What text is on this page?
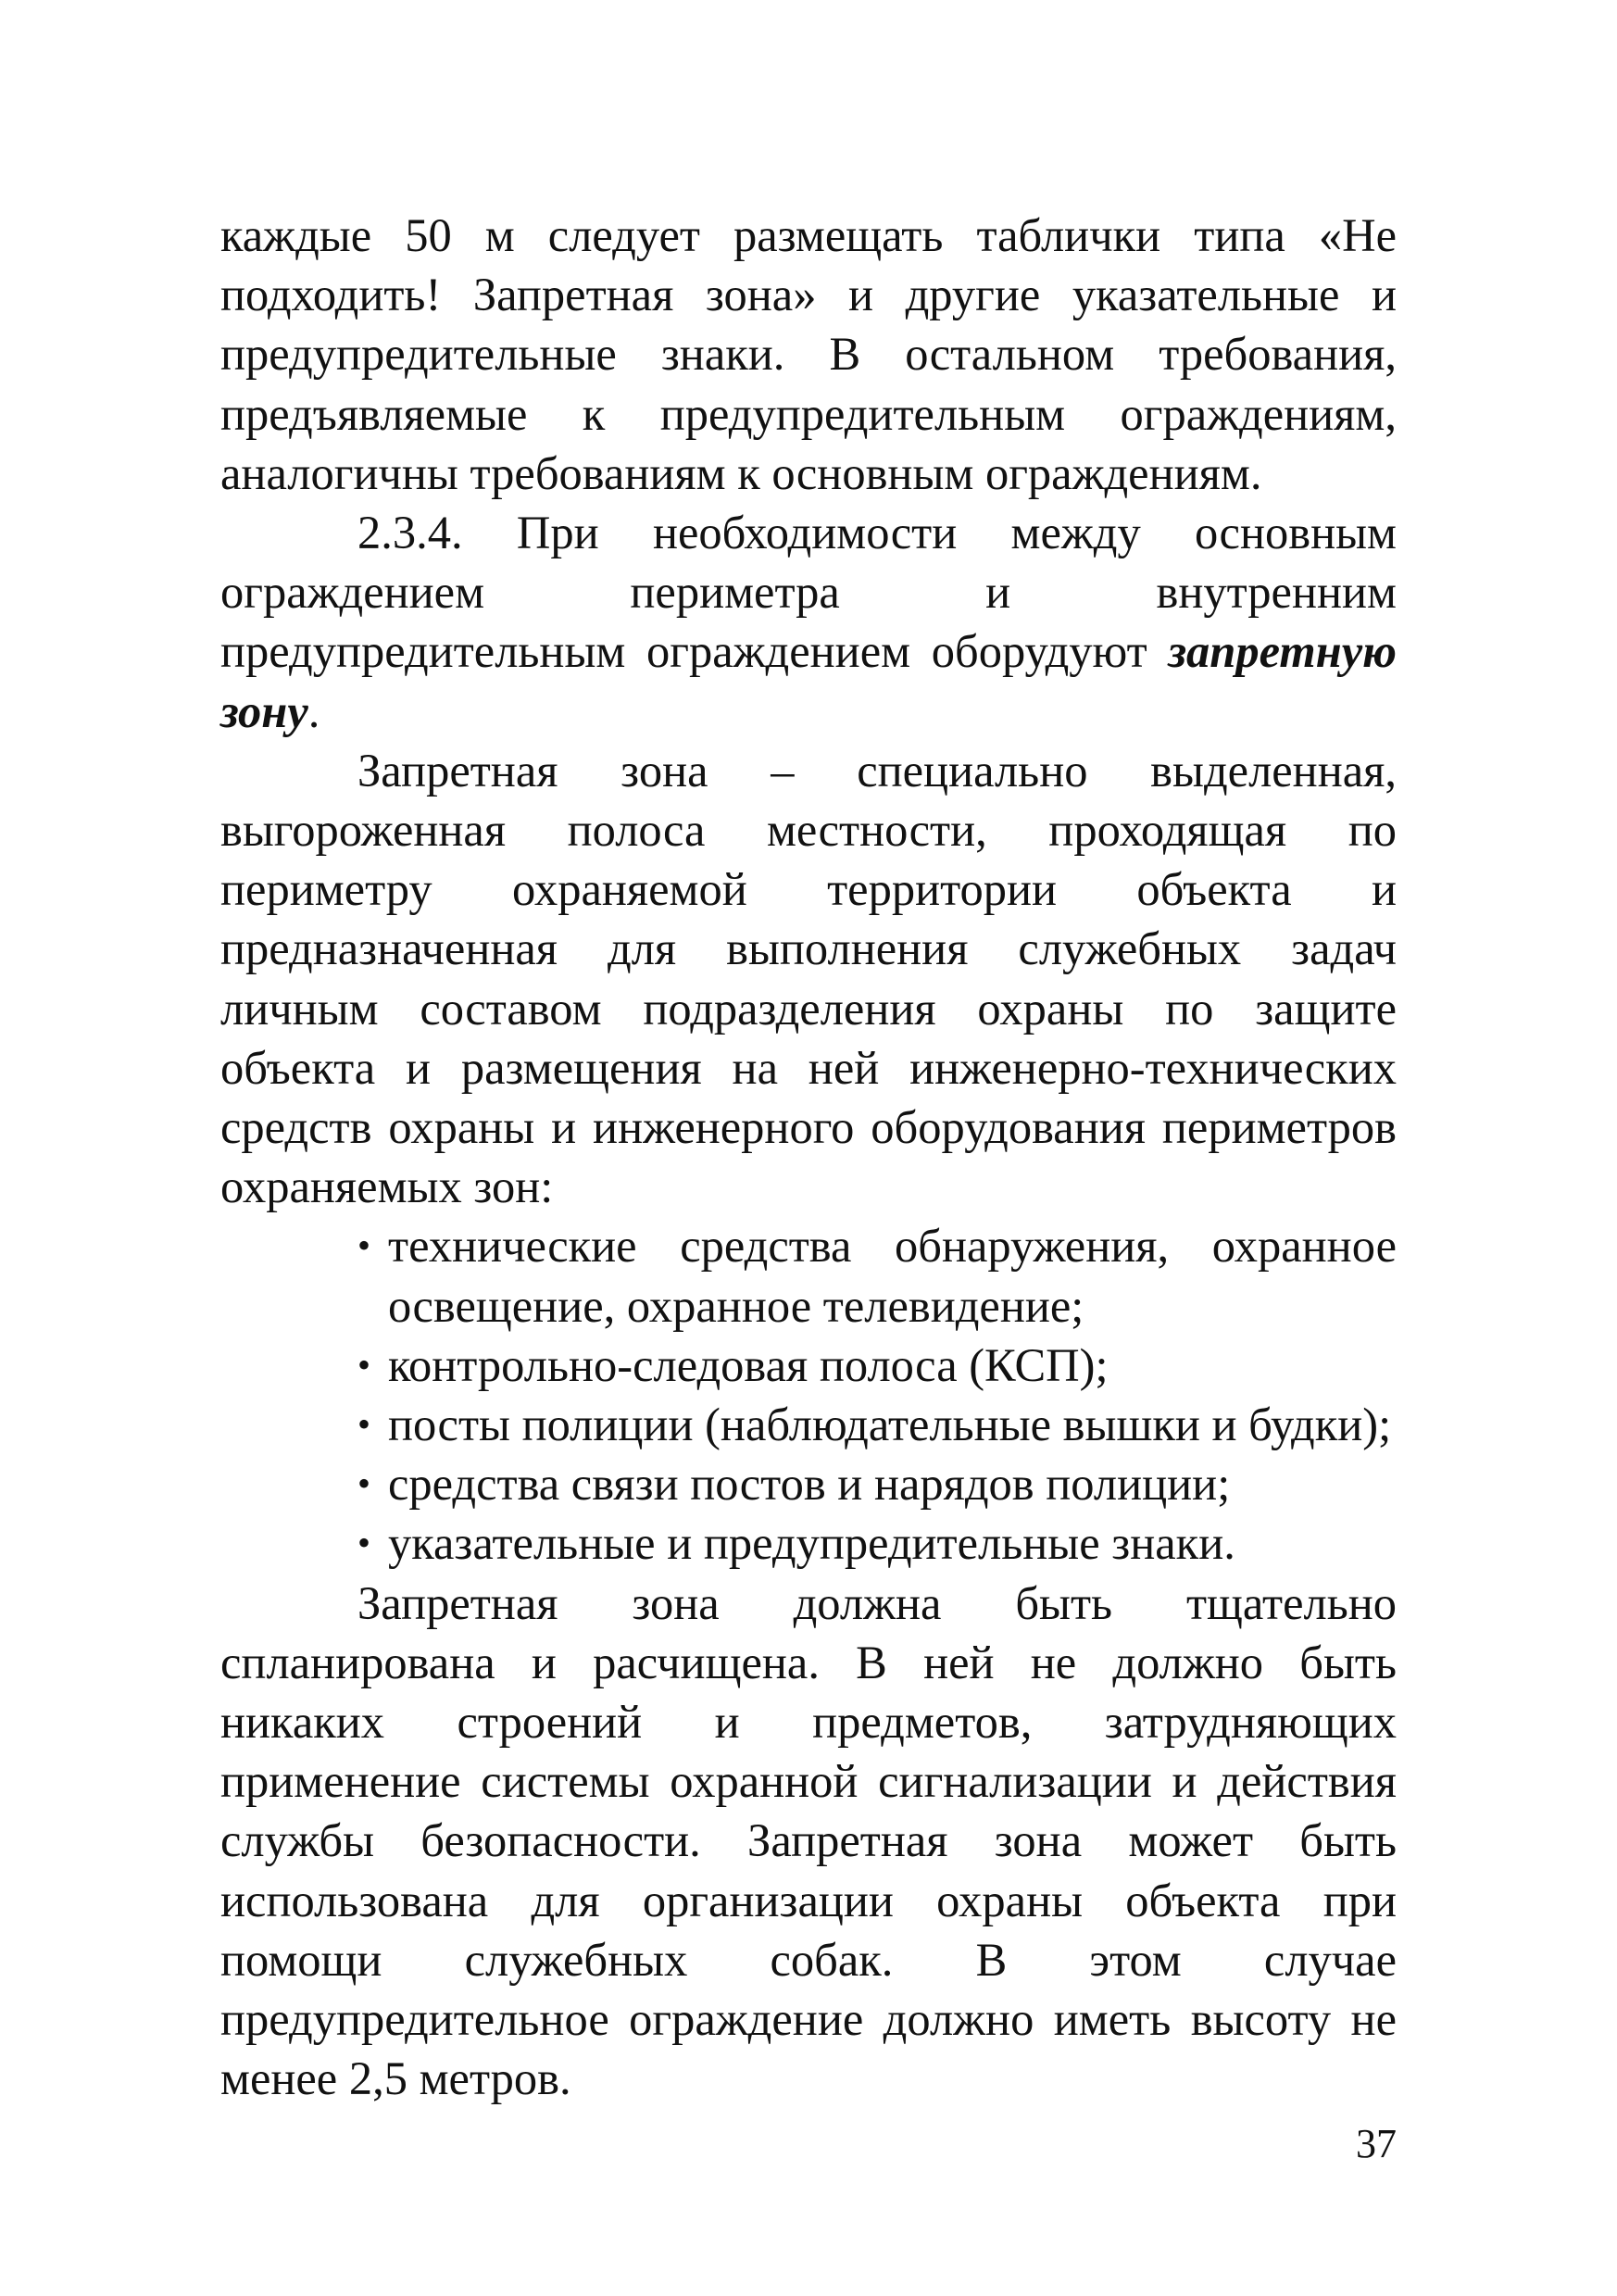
каждые 50 м следует размещать таблички типа «Не подходить! Запретная зона» и другие указательные и предупредительные знаки. В остальном требования, предъявляемые к предупредительным ограждениям, аналогичны требованиям к основным ограждениям.

2.3.4. При необходимости между основным ограждением периметра и внутренним предупредительным ограждением оборудуют запретную зону.

Запретная зона – специально выделенная, выгороженная полоса местности, проходящая по периметру охраняемой территории объекта и предназначенная для выполнения служебных задач личным составом подразделения охраны по защите объекта и размещения на ней инженерно-технических средств охраны и инженерного оборудования периметров охраняемых зон:

• технические средства обнаружения, охранное освещение, охранное телевидение;
• контрольно-следовая полоса (КСП);
• посты полиции (наблюдательные вышки и будки);
• средства связи постов и нарядов полиции;
• указательные и предупредительные знаки.

Запретная зона должна быть тщательно спланирована и расчищена. В ней не должно быть никаких строений и предметов, затрудняющих применение системы охранной сигнализации и действия службы безопасности. Запретная зона может быть использована для организации охраны объекта при помощи служебных собак. В этом случае предупредительное ограждение должно иметь высоту не менее 2,5 метров.

37
